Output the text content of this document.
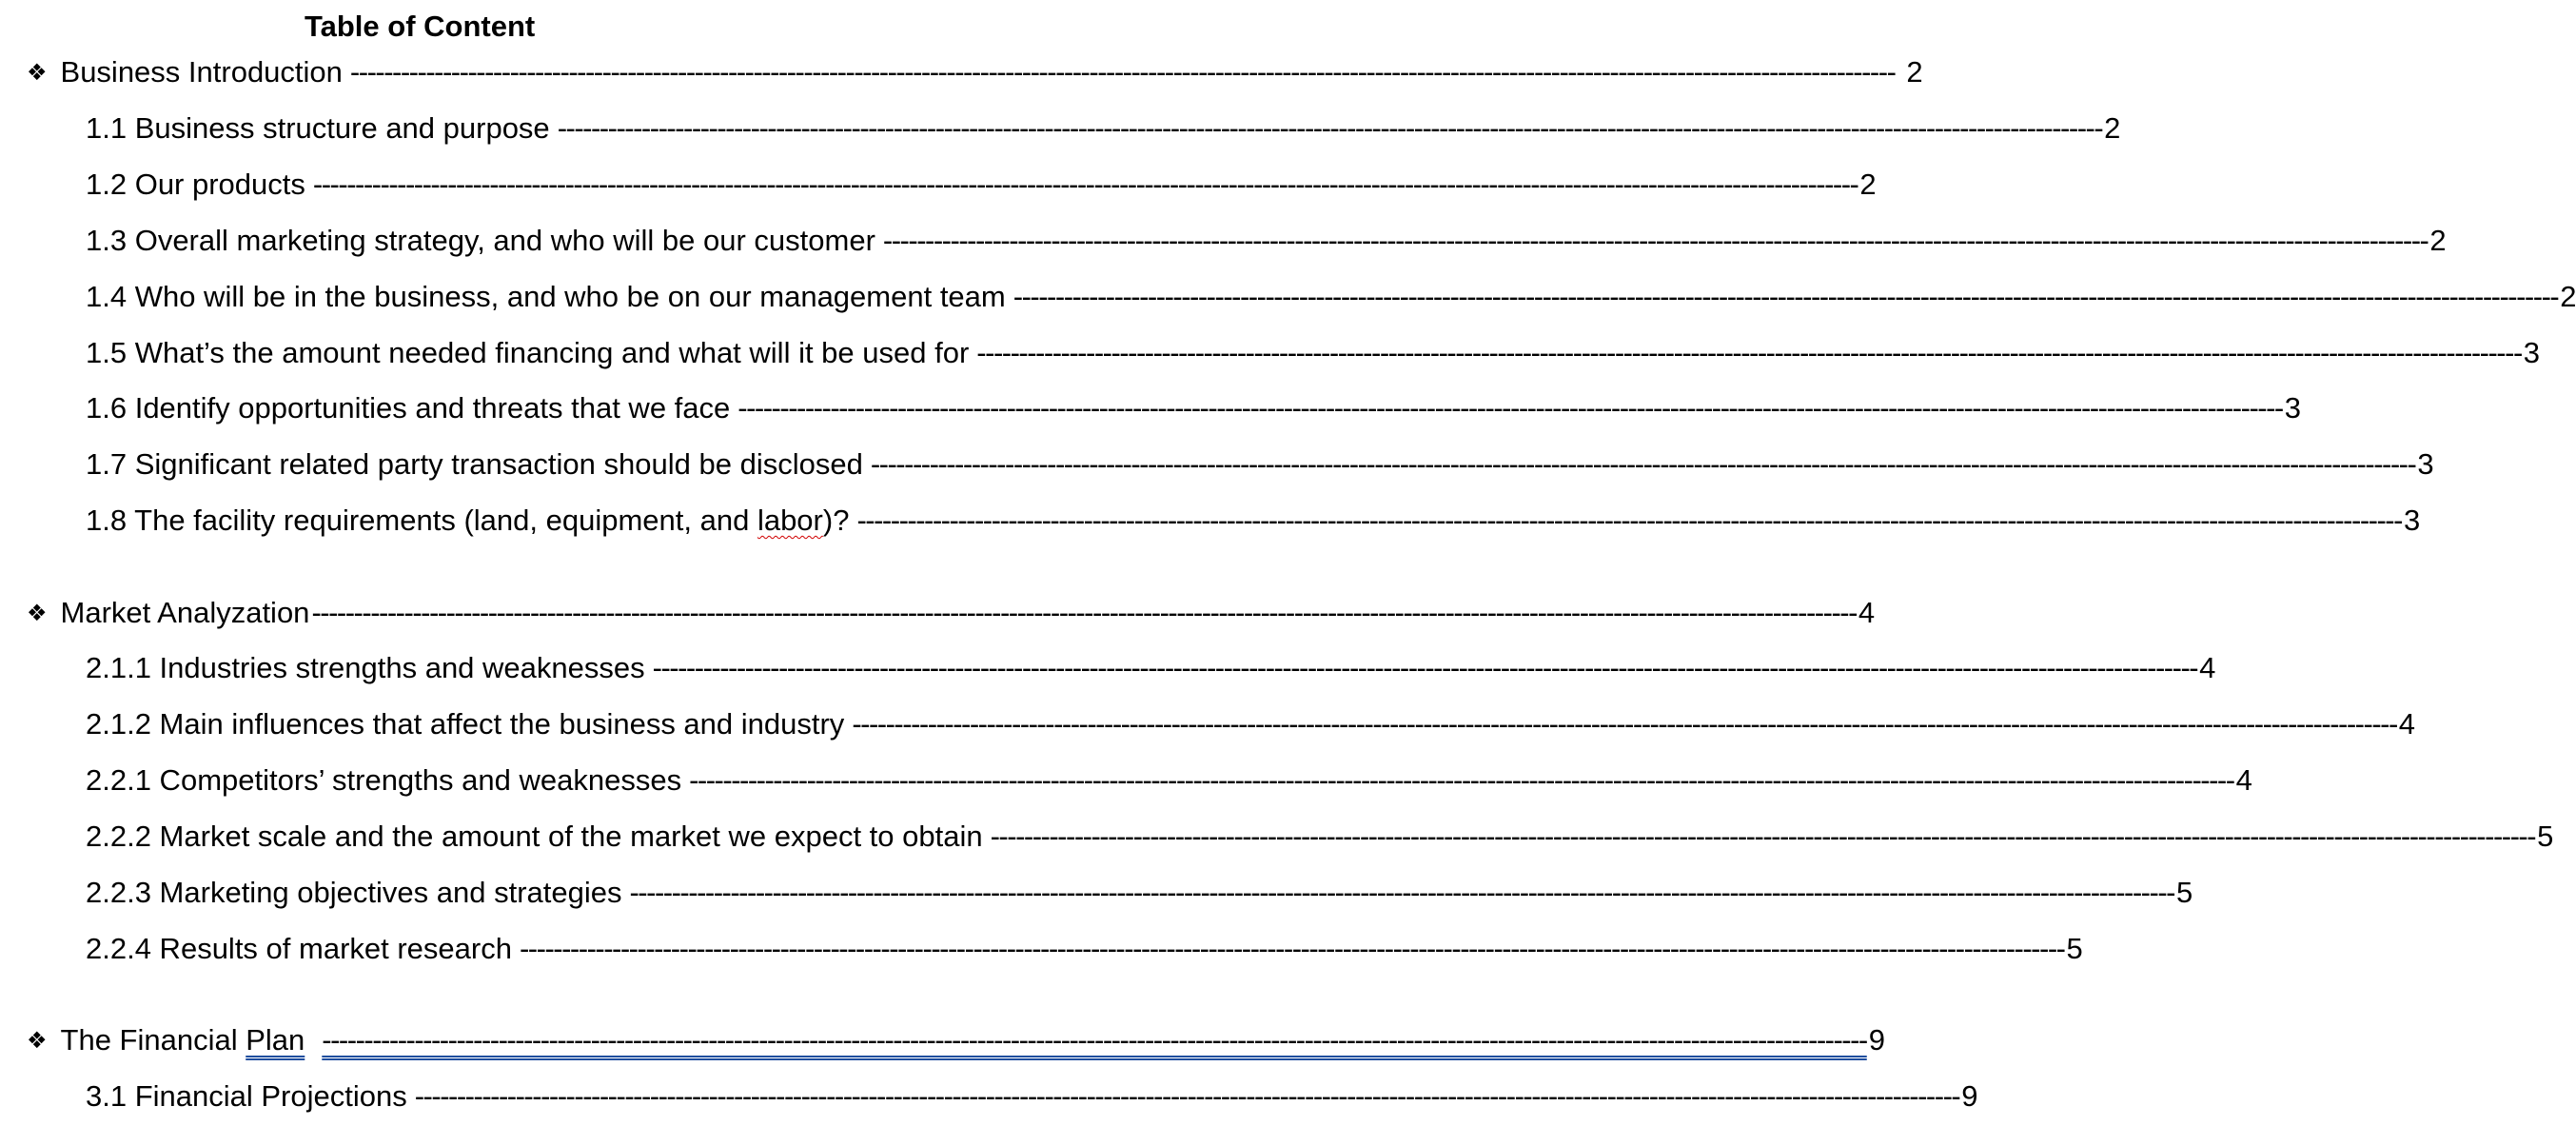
Table of Content
❖ Business Introduction ---------------------------------------------------------------------------------------------------------------------------------------------------------------------------------------- 2
1.1 Business structure and purpose ---------------------------------------------------------------------------------------------------------------------------------------------------------------------------------------- 2
1.2 Our products ---------------------------------------------------------------------------------------------------------------------------------------------------------------------------------------- 2
1.3 Overall marketing strategy, and who will be our customer ---------------------------------------------------------------------------------------------------------------------------------------------------------------------------------------- 2
1.4 Who will be in the business, and who be on our management team ---------------------------------------------------------------------------------------------------------------------------------------------------------------------------------------- 2
1.5 What’s the amount needed financing and what will it be used for ---------------------------------------------------------------------------------------------------------------------------------------------------------------------------------------- 3
1.6 Identify opportunities and threats that we face ---------------------------------------------------------------------------------------------------------------------------------------------------------------------------------------- 3
1.7 Significant related party transaction should be disclosed ---------------------------------------------------------------------------------------------------------------------------------------------------------------------------------------- 3
1.8 The facility requirements (land, equipment, and labor)? ---------------------------------------------------------------------------------------------------------------------------------------------------------------------------------------- 3
❖ Market Analyzation ---------------------------------------------------------------------------------------------------------------------------------------------------------------------------------------- 4
2.1.1 Industries strengths and weaknesses ---------------------------------------------------------------------------------------------------------------------------------------------------------------------------------------- 4
2.1.2 Main influences that affect the business and industry ---------------------------------------------------------------------------------------------------------------------------------------------------------------------------------------- 4
2.2.1 Competitors’ strengths and weaknesses ---------------------------------------------------------------------------------------------------------------------------------------------------------------------------------------- 4
2.2.2 Market scale and the amount of the market we expect to obtain ---------------------------------------------------------------------------------------------------------------------------------------------------------------------------------------- 5
2.2.3 Marketing objectives and strategies ---------------------------------------------------------------------------------------------------------------------------------------------------------------------------------------- 5
2.2.4 Results of market research ---------------------------------------------------------------------------------------------------------------------------------------------------------------------------------------- 5
❖ The Financial Plan ---------------------------------------------------------------------------------------------------------------------------------------------------------------------------------------- 9
3.1 Financial Projections ---------------------------------------------------------------------------------------------------------------------------------------------------------------------------------------- 9
